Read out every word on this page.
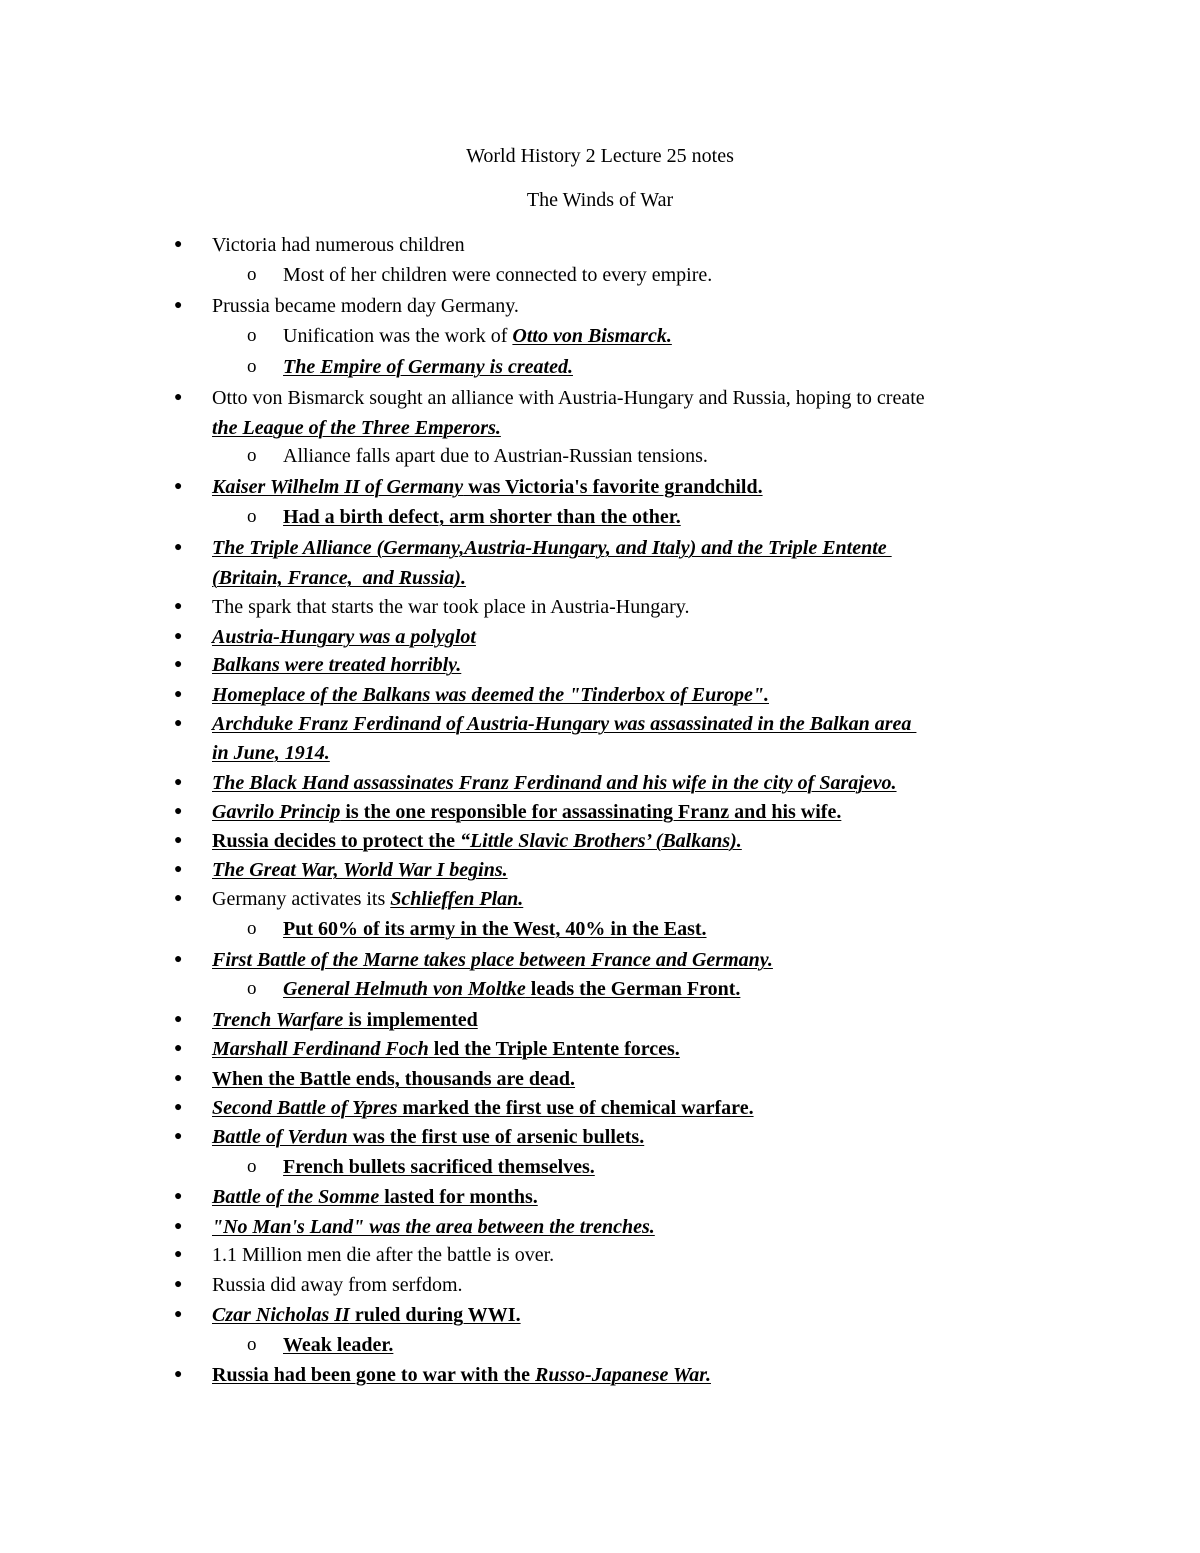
World History 2 Lecture 25 notes
The Winds of War
● Victoria had numerous children
o Most of her children were connected to every empire.
● Prussia became modern day Germany.
o Unification was the work of Otto von Bismarck.
o The Empire of Germany is created.
● Otto von Bismarck sought an alliance with Austria-Hungary and Russia, hoping to create
the League of the Three Emperors.
o Alliance falls apart due to Austrian-Russian tensions.
● Kaiser Wilhelm II of Germany was Victoria's favorite grandchild.
o Had a birth defect, arm shorter than the other.
● The Triple Alliance (Germany,Austria-Hungary, and Italy) and the Triple Entente
(Britain, France,  and Russia).
● The spark that starts the war took place in Austria-Hungary.
● Austria-Hungary was a polyglot
● Balkans were treated horribly.
● Homeplace of the Balkans was deemed the "Tinderbox of Europe".
● Archduke Franz Ferdinand of Austria-Hungary was assassinated in the Balkan area
in June, 1914.
● The Black Hand assassinates Franz Ferdinand and his wife in the city of Sarajevo.
● Gavrilo Princip is the one responsible for assassinating Franz and his wife.
● Russia decides to protect the “Little Slavic Brothers’ (Balkans).
● The Great War, World War I begins.
● Germany activates its Schlieffen Plan.
o Put 60% of its army in the West, 40% in the East.
● First Battle of the Marne takes place between France and Germany.
o General Helmuth von Moltke leads the German Front.
● Trench Warfare is implemented
● Marshall Ferdinand Foch led the Triple Entente forces.
● When the Battle ends, thousands are dead.
● Second Battle of Ypres marked the first use of chemical warfare.
● Battle of Verdun was the first use of arsenic bullets.
o French bullets sacrificed themselves.
● Battle of the Somme lasted for months.
● "No Man's Land" was the area between the trenches.
● 1.1 Million men die after the battle is over.
● Russia did away from serfdom.
● Czar Nicholas II ruled during WWI.
o Weak leader.
● Russia had been gone to war with the Russo-Japanese War.
